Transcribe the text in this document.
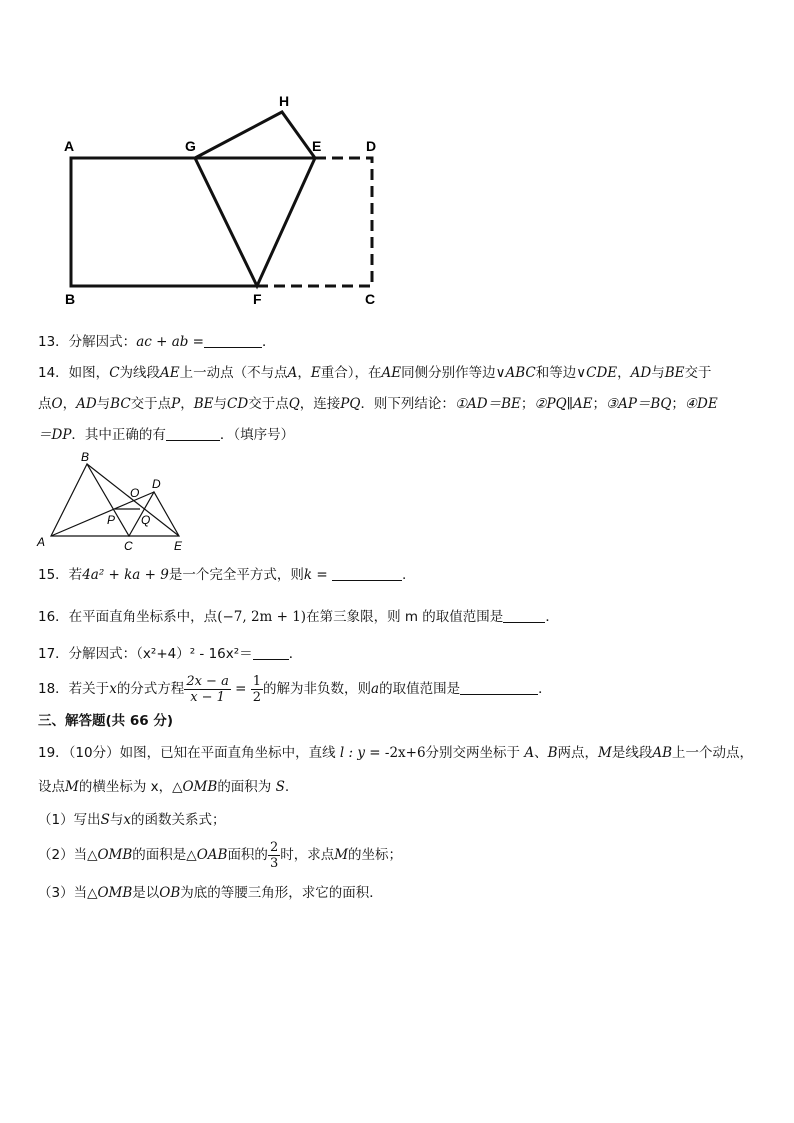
A	G	E	D
H
B	F	C
13．分解因式：ac + ab =	．
14．如图，C为线段AE上一动点（不与点A，E重合），在AE同侧分别作等边∨ABC和等边∨CDE，AD与BE交于
点O，AD与BC交于点P，BE与CD交于点Q，连接PQ．则下列结论：①AD＝BE；②PQ∥AE；③AP＝BQ；④DE
＝DP．其中正确的有	．（填序号）
B
O
D
P Q
A	C	E
15．若4a² + ka + 9是一个完全平方式，则k =	.
16．在平面直角坐标系中，点(−7, 2m + 1)在第三象限，则 m 的取值范围是	．
17．分解因式：（x²+4）² - 16x²＝	．
18．若关于x的分式方程 $\frac{2x - a}{x - 1} = \frac{1}{2}$ 的解为非负数，则a的取值范围是	．
三、解答题(共 66 分)
19．（10分）如图，已知在平面直角坐标中，直线 l : y = -2x+6分别交两坐标于 A、B两点，M是线段AB上一个动点，
设点M的横坐标为 x，△OMB的面积为 S.
（1）写出S与x的函数关系式；
（2）当△OMB的面积是△OAB面积的 $\frac{2}{3}$ 时，求点M的坐标；
（3）当△OMB是以OB为底的等腰三角形，求它的面积．
